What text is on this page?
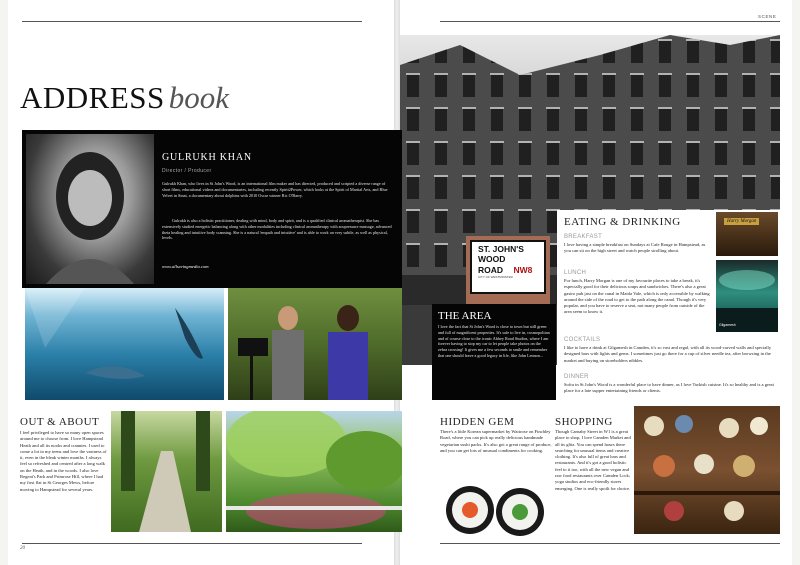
SCENE
ADDRESS book
GULRUKH KHAN
Director / Producer
Gulrukh Khan, who lives in St John's Wood, is an international film maker and has directed, produced and scripted a diverse range of short films, educational videos and documentaries, including recently Spirit2Power, which looks at the Spirit of Martial Arts, and Blue Velvet in Sinai, a documentary about dolphins with 2010 Oscar winner Ric O'Barry.
Gulrukh is also a holistic practitioner, dealing with mind, body and spirit, and is a qualified clinical aromatherapist. She has extensively studied energetic balancing along with other modalities including clinical aromatherapy with acupressure massage, advanced theta healing and intuitive body scanning. She is a natural 'empath and intuitive' and is able to work on very subtle, as well as physical, levels.
www.allseeingmedia.com
ST. JOHN'S
WOOD
ROAD NW8
CITY OF WESTMINSTER
THE AREA
I love the fact that St John's Wood is close to town but still green and full of magnificent properties. It's safe to live in, cosmopolitan and of course close to the iconic Abbey Road Studios, where I am forever having to stop my car to let people take photos on the zebra crossing! It gives me a few seconds to smile and remember that one should leave a good legacy in life, like John Lennon...
EATING & DRINKING
BREAKFAST
I love having a simple breakfast on Sundays at Cafe Rouge in Hampstead, as you can sit on the high street and watch people strolling about.
LUNCH
For lunch, Harry Morgan is one of my favourite places to take a break, it's especially good for their delicious soups and sandwiches. There's also a great gastro pub just on the canal in Maida Vale, which is only accessible by walking around the side of the road to get to the path along the canal. Though it's very popular, and you have to reserve a seat, not many people from outside of the area seem to know it.
COCKTAILS
I like to have a drink at Gilgamesh in Camden, it's so vast and regal, with all its wood-carved walls and specially designed bars with lights and gems. I sometimes just go there for a cup of silver needle tea, after browsing in the market and buying on storeholders nibbles.
DINNER
Sofra in St John's Wood is a wonderful place to have dinner, as I love Turkish cuisine. It's so healthy and is a great place for a late supper entertaining friends or clients.
Harry Morgan
Gilgamesh
OUT & ABOUT
I feel privileged to have so many open spaces around me to choose from. I love Hampstead Heath and all its nooks and crannies. I used to come a lot in my teens and love the vastness of it, even in the bleak winter months. I always feel so refreshed and centred after a long walk on the Heath, and in the woods. I also love Regent's Park and Primrose Hill, where I had my first flat in St Georges Mews, before moving to Hampstead for several years.
HIDDEN GEM
There's a little Korean supermarket by Waitrose on Finchley Road, where you can pick up really delicious handmade vegetarian sushi packs. It's also got a great range of produce, and you can get lots of unusual condiments for cooking.
SHOPPING
Though Carnaby Street in W1 is a great place to shop, I love Camden Market and all its glitz. You can spend hours there searching for unusual items and creative clothing. It's also full of great bars and restaurants. And it's got a good holistic feel to it too, with all the new vegan and raw food restaurants over Camden Lock; yoga studios and eco-friendly stores emerging. One is really spoilt for choice.
20
